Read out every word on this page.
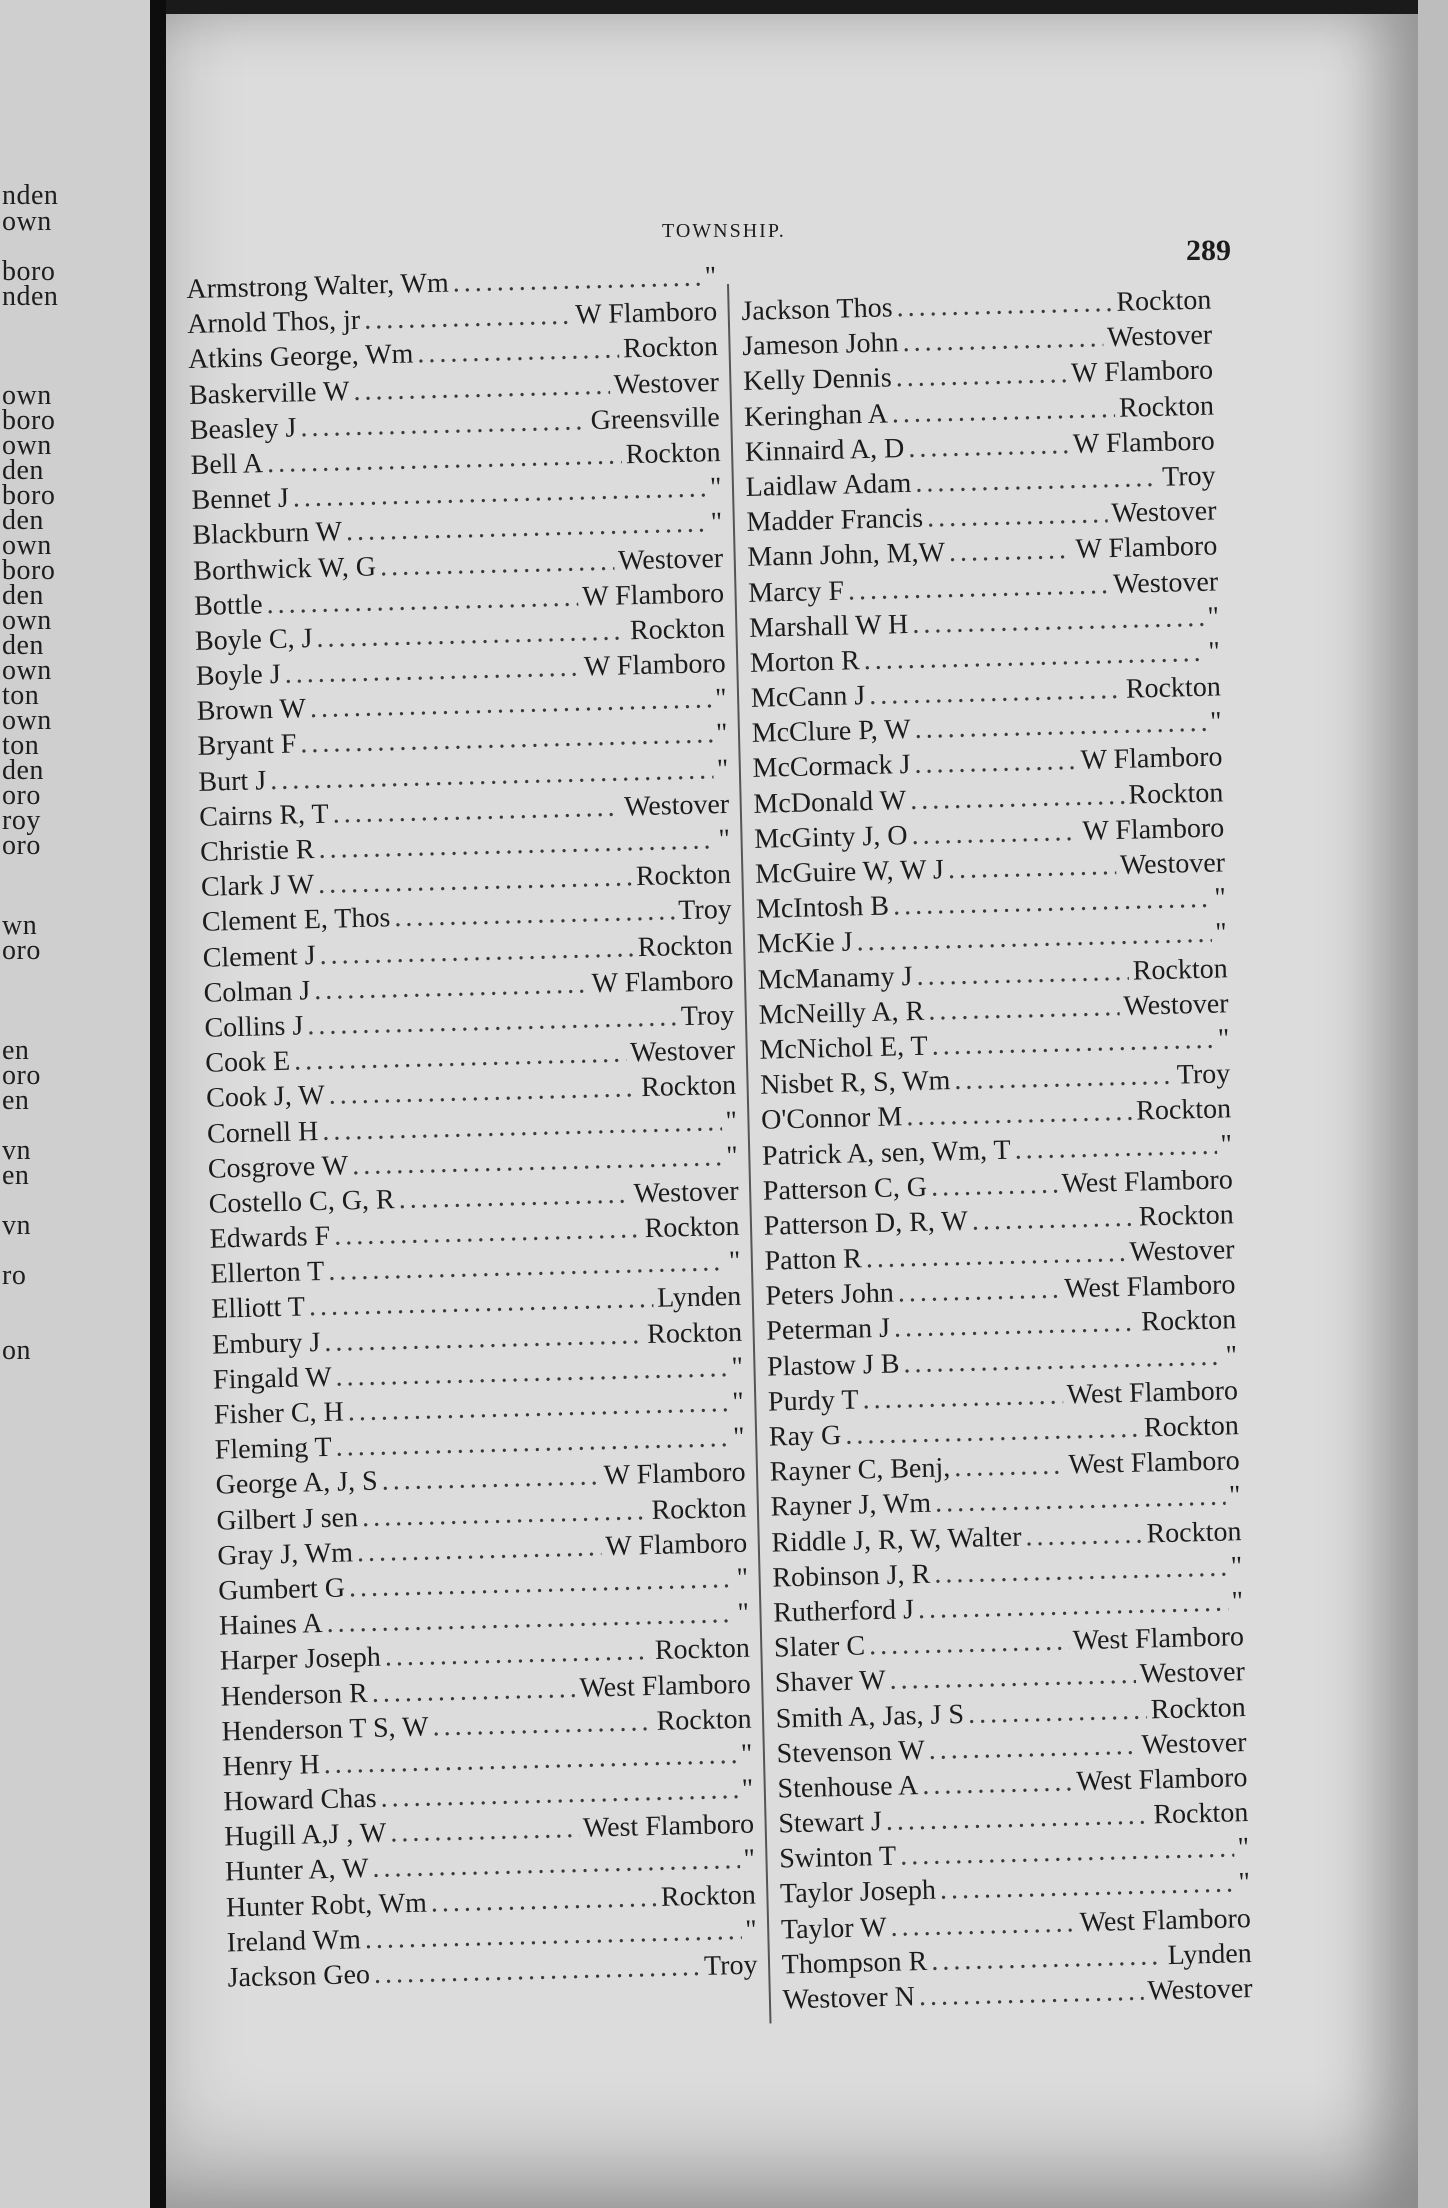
nden
own
boro
nden
own
boro
own
den
boro
den
own
boro
den
own
den
own
ton
own
ton
den
oro
roy
oro
wn
oro
en
oro
en
vn
en
vn
ro
on
TOWNSHIP.
289
Armstrong Walter, Wm .....	"
Arnold Thos, jr .....	W Flamboro
Atkins George, Wm .....	Rockton
Baskerville W .....	Westover
Beasley J .....	Greensville
Bell A .....	Rockton
Bennet J .....	"
Blackburn W .....	"
Borthwick W, G .....	Westover
Bottle .....	W Flamboro
Boyle C, J .....	Rockton
Boyle J .....	W Flamboro
Brown W .....	"
Bryant F .....	"
Burt J .....	"
Cairns R, T .....	Westover
Christie R .....	"
Clark J W .....	Rockton
Clement E, Thos .....	Troy
Clement J .....	Rockton
Colman J .....	W Flamboro
Collins J .....	Troy
Cook E .....	Westover
Cook J, W .....	Rockton
Cornell H .....	"
Cosgrove W .....	"
Costello C, G, R .....	Westover
Edwards F .....	Rockton
Ellerton T .....	"
Elliott T .....	Lynden
Embury J .....	Rockton
Fingald W .....	"
Fisher C, H .....	"
Fleming T .....	"
George A, J, S .....	W Flamboro
Gilbert J sen .....	Rockton
Gray J, Wm .....	W Flamboro
Gumbert G .....	"
Haines A .....	"
Harper Joseph .....	Rockton
Henderson R .....	West Flamboro
Henderson T S, W .....	Rockton
Henry H .....	"
Howard Chas .....	"
Hugill A,J , W .....	West Flamboro
Hunter A, W .....	"
Hunter Robt, Wm .....	Rockton
Ireland Wm .....	"
Jackson Geo .....	Troy
Jackson Thos .....	Rockton
Jameson John .....	Westover
Kelly Dennis .....	W Flamboro
Keringhan A .....	Rockton
Kinnaird A, D .....	W Flamboro
Laidlaw Adam .....	Troy
Madder Francis .....	Westover
Mann John, M,W .....	W Flamboro
Marcy F .....	Westover
Marshall W H .....	"
Morton R .....	"
McCann J .....	Rockton
McClure P, W .....	"
McCormack J .....	W Flamboro
McDonald W .....	Rockton
McGinty J, O .....	W Flamboro
McGuire W, W J .....	Westover
McIntosh B .....	"
McKie J .....	"
McManamy J .....	Rockton
McNeilly A, R .....	Westover
McNichol E, T .....	"
Nisbet R, S, Wm .....	Troy
O'Connor M .....	Rockton
Patrick A, sen, Wm, T .....	"
Patterson C, G .....	West Flamboro
Patterson D, R, W .....	Rockton
Patton R .....	Westover
Peters John .....	West Flamboro
Peterman J .....	Rockton
Plastow J B .....	"
Purdy T .....	West Flamboro
Ray G .....	Rockton
Rayner C, Benj, .....	West Flamboro
Rayner J, Wm .....	"
Riddle J, R, W, Walter .....	Rockton
Robinson J, R .....	"
Rutherford J .....	"
Slater C .....	West Flamboro
Shaver W .....	Westover
Smith A, Jas, J S .....	Rockton
Stevenson W .....	Westover
Stenhouse A .....	West Flamboro
Stewart J .....	Rockton
Swinton T .....	"
Taylor Joseph .....	"
Taylor W .....	West Flamboro
Thompson R .....	Lynden
Westover N .....	Westover
